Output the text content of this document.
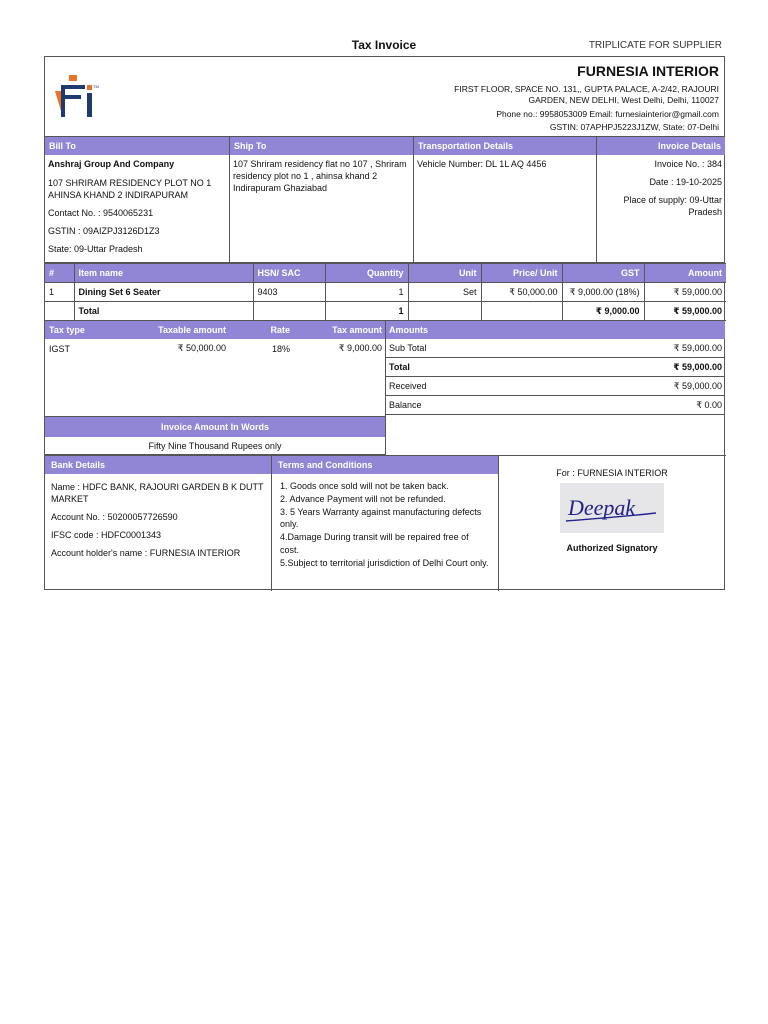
Tax Invoice	TRIPLICATE FOR SUPPLIER
TM
FURNESIA INTERIOR
FIRST FLOOR, SPACE NO. 131,, GUPTA PALACE, A-2/42, RAJOURI
GARDEN, NEW DELHI, West Delhi, Delhi, 110027
Phone no.: 9958053009 Email: furnesiainterior@gmail.com
GSTIN: 07APHPJ5223J1ZW, State: 07-Delhi
Bill To

Anshraj Group And Company

107 SHRIRAM RESIDENCY PLOT NO 1 AHINSA KHAND 2 INDIRAPURAM

Contact No. : 9540065231

GSTIN : 09AIZPJ3126D1Z3

State: 09-Uttar Pradesh

Ship To

107 Shriram residency flat no 107 , Shriram residency plot no 1 , ahinsa khand 2 Indirapuram Ghaziabad

Transportation Details

Vehicle Number: DL 1L AQ 4456

Invoice Details

Invoice No. : 384

Date : 19-10-2025

Place of supply: 09-Uttar Pradesh

#	Item name	HSN/ SAC	Quantity	Unit	Price/ Unit	GST	Amount
1	Dining Set 6 Seater	9403	1	Set	₹ 50,000.00	₹ 9,000.00 (18%)	₹ 59,000.00
	Total		1			₹ 9,000.00	₹ 59,000.00
Tax type	Taxable amount	Rate	Tax amount
IGST	₹ 50,000.00	18%	₹ 9,000.00
Amounts
Sub Total	₹ 59,000.00
Total	₹ 59,000.00
Received	₹ 59,000.00
Balance	₹ 0.00
Invoice Amount In Words
Fifty Nine Thousand Rupees only
Bank Details

Name : HDFC BANK, RAJOURI GARDEN B K DUTT MARKET

Account No. : 50200057726590

IFSC code : HDFC0001343

Account holder's name : FURNESIA INTERIOR

Terms and Conditions
1. Goods once sold will not be taken back.
2. Advance Payment will not be refunded.
3. 5 Years Warranty against manufacturing defects only.
4.Damage During transit will be repaired free of cost.
5.Subject to territorial jurisdiction of Delhi Court only.
For : FURNESIA INTERIOR
Deepak
Authorized Signatory
